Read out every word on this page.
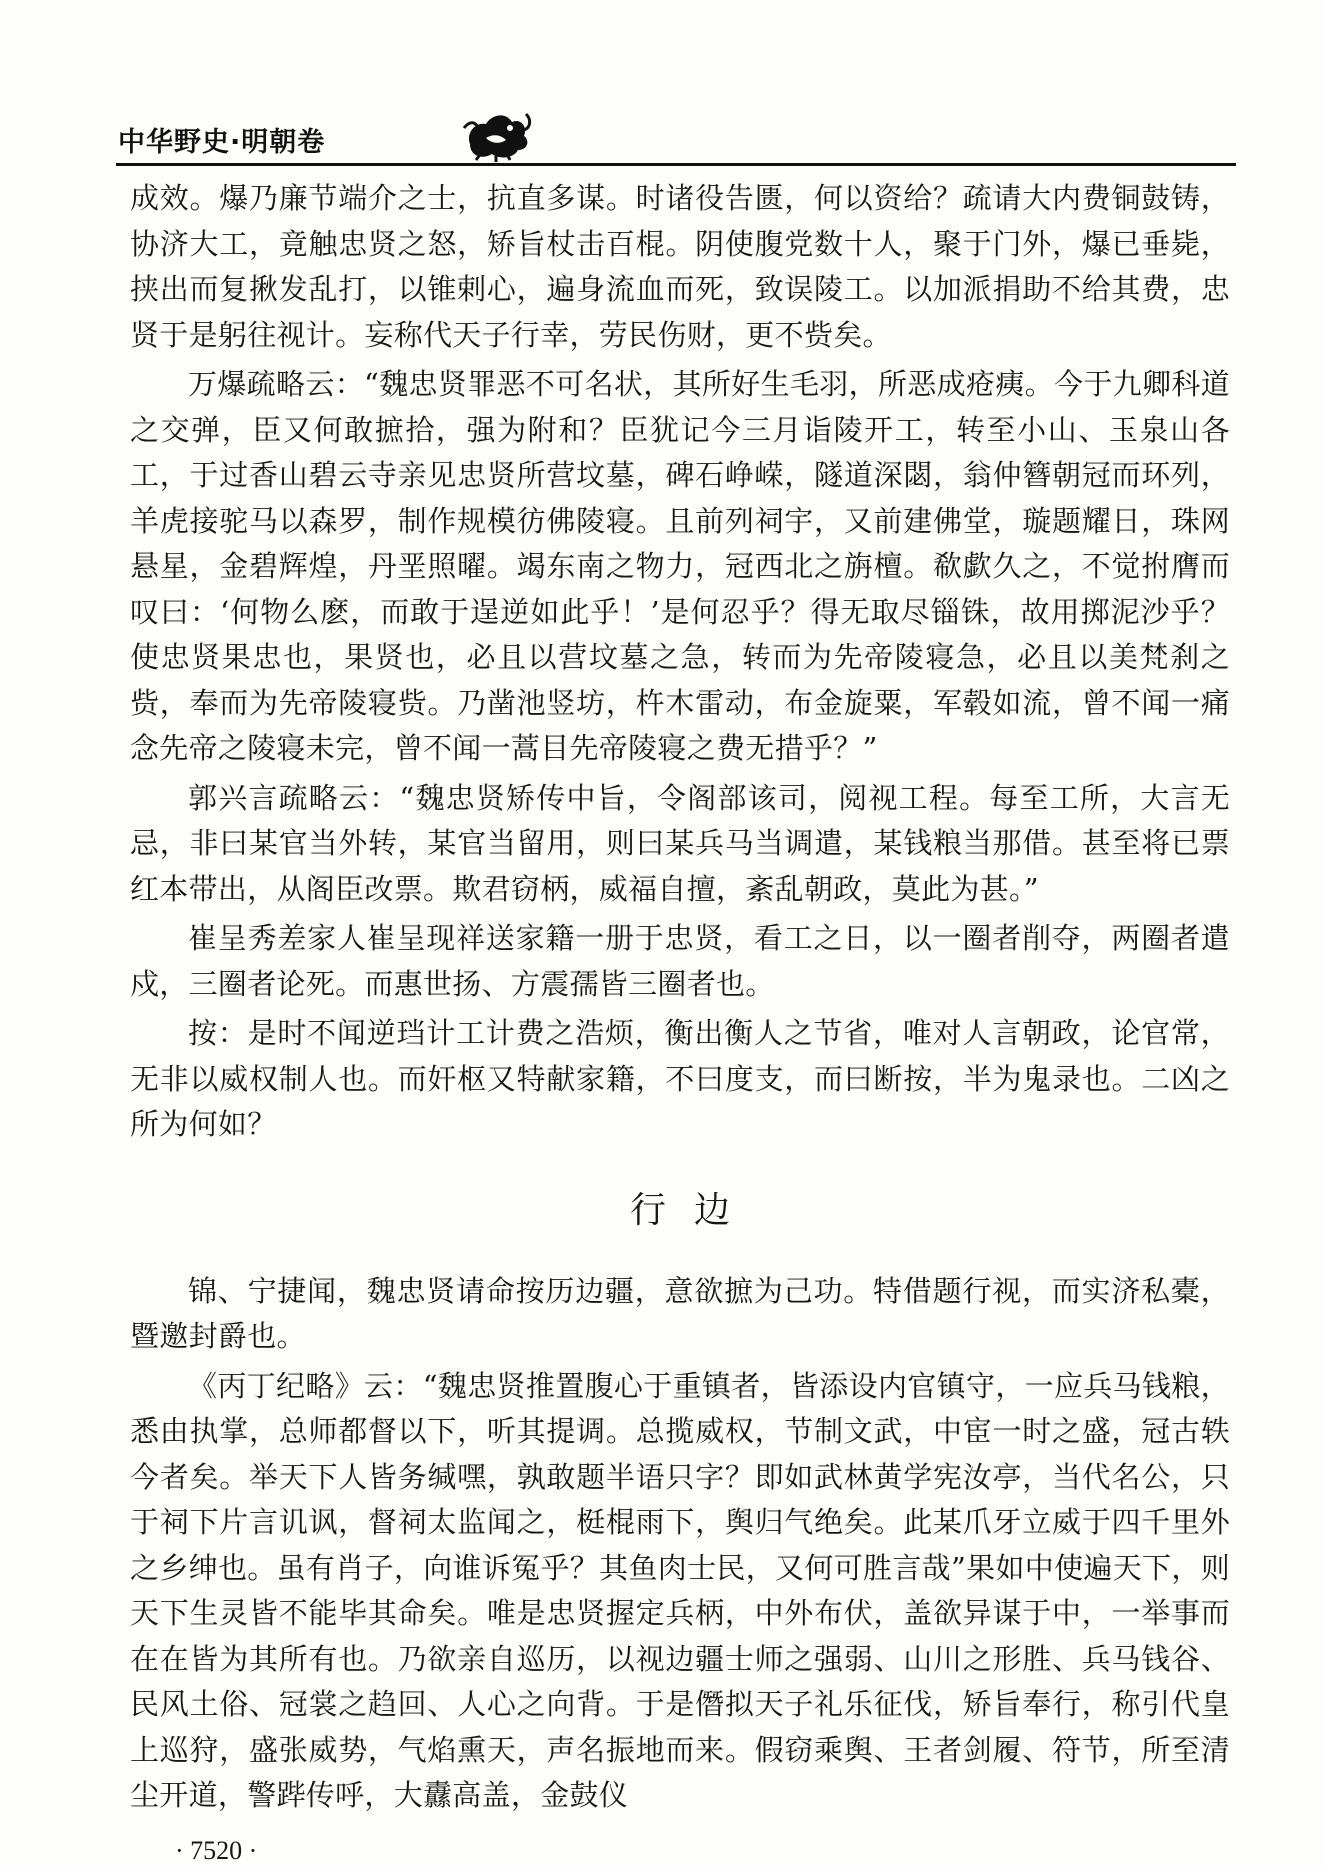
中华野史·明朝卷

成效。爆乃廉节端介之士，抗直多谋。时诸役告匮，何以资给？疏请大内费铜鼓铸，协济大工，竟触忠贤之怒，矫旨杖击百棍。阴使腹党数十人，聚于门外，爆已垂毙，挟出而复揪发乱打，以锥剌心，遍身流血而死，致误陵工。以加派捐助不给其费，忠贤于是躬往视计。妄称代天子行幸，劳民伤财，更不赀矣。

万爆疏略云：“魏忠贤罪恶不可名状，其所好生毛羽，所恶成疮痍。今于九卿科道之交弹，臣又何敢摭拾，强为附和？臣犹记今三月诣陵开工，转至小山、玉泉山各工，于过香山碧云寺亲见忠贤所营坟墓，碑石峥嵘，隧道深閟，翁仲簪朝冠而环列，羊虎接驼马以森罗，制作规模彷佛陵寝。且前列祠宇，又前建佛堂，璇题耀日，珠网悬星，金碧辉煌，丹垩照曜。竭东南之物力，冠西北之旃檀。欷歔久之，不觉拊膺而叹曰：‘何物么麽，而敢于逞逆如此乎！’是何忍乎？得无取尽锱铢，故用掷泥沙乎？使忠贤果忠也，果贤也，必且以营坟墓之急，转而为先帝陵寝急，必且以美梵刹之赀，奉而为先帝陵寝赀。乃凿池竖坊，杵木雷动，布金旋粟，军毂如流，曾不闻一痛念先帝之陵寝未完，曾不闻一蒿目先帝陵寝之费无措乎？”

郭兴言疏略云：“魏忠贤矫传中旨，令阁部该司，阅视工程。每至工所，大言无忌，非曰某官当外转，某官当留用，则曰某兵马当调遣，某钱粮当那借。甚至将已票红本带出，从阁臣改票。欺君窃柄，威福自擅，紊乱朝政，莫此为甚。”

崔呈秀差家人崔呈现祥送家籍一册于忠贤，看工之日，以一圈者削夺，两圈者遣戍，三圈者论死。而惠世扬、方震孺皆三圈者也。

按：是时不闻逆珰计工计费之浩烦，衡出衡人之节省，唯对人言朝政，论官常，无非以威权制人也。而奸枢又特献家籍，不曰度支，而曰断按，半为鬼录也。二凶之所为何如？

行边

锦、宁捷闻，魏忠贤请命按历边疆，意欲摭为己功。特借题行视，而实济私橐，暨邀封爵也。

《丙丁纪略》云：“魏忠贤推置腹心于重镇者，皆添设内官镇守，一应兵马钱粮，悉由执掌，总师都督以下，听其提调。总揽威权，节制文武，中宦一时之盛，冠古轶今者矣。举天下人皆务缄嘿，孰敢题半语只字？即如武林黄学宪汝亭，当代名公，只于祠下片言讥讽，督祠太监闻之，梃棍雨下，舆归气绝矣。此某爪牙立威于四千里外之乡绅也。虽有肖子，向谁诉冤乎？其鱼肉士民，又何可胜言哉”果如中使遍天下，则天下生灵皆不能毕其命矣。唯是忠贤握定兵柄，中外布伏，盖欲异谋于中，一举事而在在皆为其所有也。乃欲亲自巡历，以视边疆士师之强弱、山川之形胜、兵马钱谷、民风土俗、冠裳之趋回、人心之向背。于是僭拟天子礼乐征伐，矫旨奉行，称引代皇上巡狩，盛张威势，气焰熏天，声名振地而来。假窃乘舆、王者剑履、符节，所至清尘开道，警跸传呼，大纛高盖，金鼓仪

· 7520 ·
